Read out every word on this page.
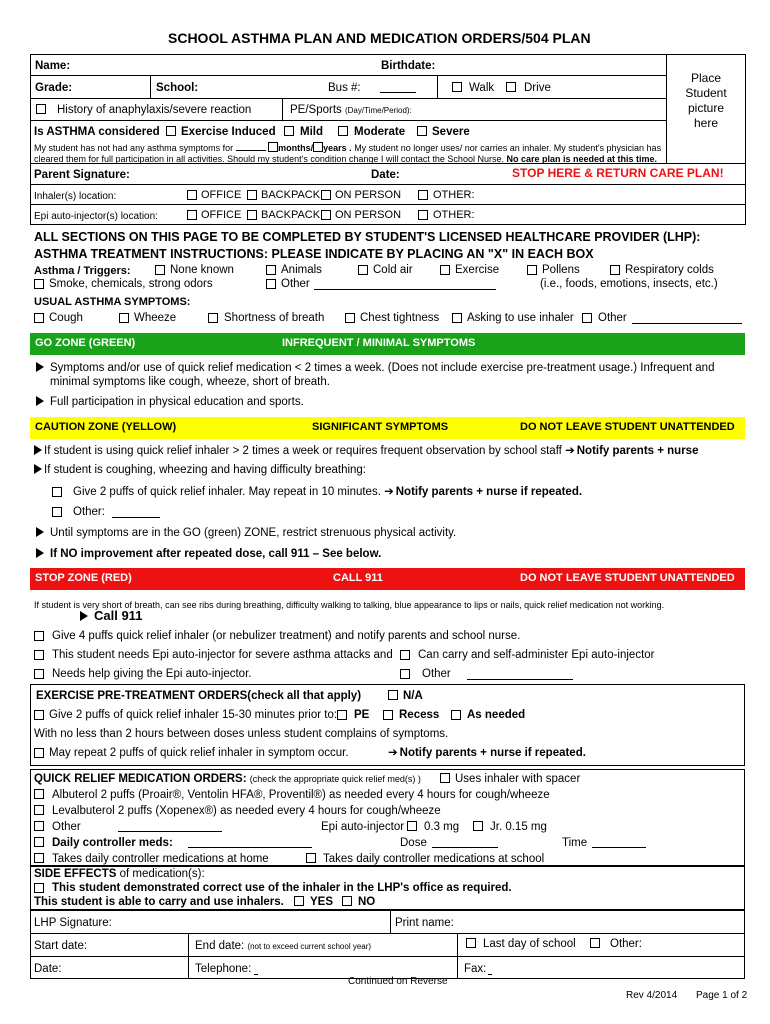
SCHOOL ASTHMA PLAN AND MEDICATION ORDERS/504 PLAN
Name:	Birthdate:
Grade:	School:	Bus #:	Walk	Drive
Place
Student
picture
here
History of anaphylaxis/severe reaction	PE/Sports (Day/Time/Period):
Is ASTHMA considered Exercise Induced Mild	Moderate Severe
My student has not had any asthma symptoms for	months/ years . My student no longer uses/ nor carries an inhaler. My student's physician has
cleared them for full participation in all activities. Should my student's condition change I will contact the School Nurse. No care plan is needed at this time.
Parent Signature:	Date:	STOP HERE & RETURN CARE PLAN!
Inhaler(s) location:	OFFICE BACKPACK ON PERSON	OTHER:
Epi auto-injector(s) location:	OFFICE BACKPACK ON PERSON	OTHER:
ALL SECTIONS ON THIS PAGE TO BE COMPLETED BY STUDENT'S LICENSED HEALTHCARE PROVIDER (LHP):
ASTHMA TREATMENT INSTRUCTIONS: PLEASE INDICATE BY PLACING AN "X" IN EACH BOX
Asthma / Triggers:	None known	Animals	Cold air	Exercise	Pollens	Respiratory colds
Smoke, chemicals, strong odors	Other	(i.e., foods, emotions, insects, etc.)
USUAL ASTHMA SYMPTOMS:
Cough	Wheeze	Shortness of breath	Chest tightness Asking to use inhaler Other
GO ZONE (GREEN)	INFREQUENT / MINIMAL SYMPTOMS
Symptoms and/or use of quick relief medication < 2 times a week. (Does not include exercise pre-treatment usage.) Infrequent and
minimal symptoms like cough, wheeze, short of breath.
Full participation in physical education and sports.
CAUTION ZONE (YELLOW)	SIGNIFICANT SYMPTOMS	DO NOT LEAVE STUDENT UNATTENDED
If student is using quick relief inhaler > 2 times a week or requires frequent observation by school staff ➔ Notify parents + nurse
If student is coughing, wheezing and having difficulty breathing:
Give 2 puffs of quick relief inhaler. May repeat in 10 minutes. ➔ Notify parents + nurse if repeated.
Other:
Until symptoms are in the GO (green) ZONE, restrict strenuous physical activity.
If NO improvement after repeated dose, call 911 – See below.
STOP ZONE (RED)	CALL 911	DO NOT LEAVE STUDENT UNATTENDED
If student is very short of breath, can see ribs during breathing, difficulty walking to talking, blue appearance to lips or nails, quick relief medication not working.
Call 911
Give 4 puffs quick relief inhaler (or nebulizer treatment) and notify parents and school nurse.
This student needs Epi auto-injector for severe asthma attacks and Can carry and self-administer Epi auto-injector
Needs help giving the Epi auto-injector.	Other
EXERCISE PRE-TREATMENT ORDERS(check all that apply)	N/A
Give 2 puffs of quick relief inhaler 15-30 minutes prior to: PE	Recess As needed
With no less than 2 hours between doses unless student complains of symptoms.
May repeat 2 puffs of quick relief inhaler in symptom occur.	➔ Notify parents + nurse if repeated.
QUICK RELIEF MEDICATION ORDERS: (check the appropriate quick relief med(s) )	Uses inhaler with spacer
Albuterol 2 puffs (Proair®, Ventolin HFA®, Proventil®) as needed every 4 hours for cough/wheeze
Levalbuterol 2 puffs (Xopenex®) as needed every 4 hours for cough/wheeze
Other	Epi auto-injector 0.3 mg	Jr. 0.15 mg
Daily controller meds:	Dose	Time
Takes daily controller medications at home	Takes daily controller medications at school
SIDE EFFECTS of medication(s):
This student demonstrated correct use of the inhaler in the LHP's office as required.
This student is able to carry and use inhalers. YES NO
LHP Signature:	Print name:
Start date:	End date: (not to exceed current school year)	Last day of school	Other:
Date:	Telephone:	Fax:
Continued on Reverse
Rev 4/2014 Page 1 of 2
